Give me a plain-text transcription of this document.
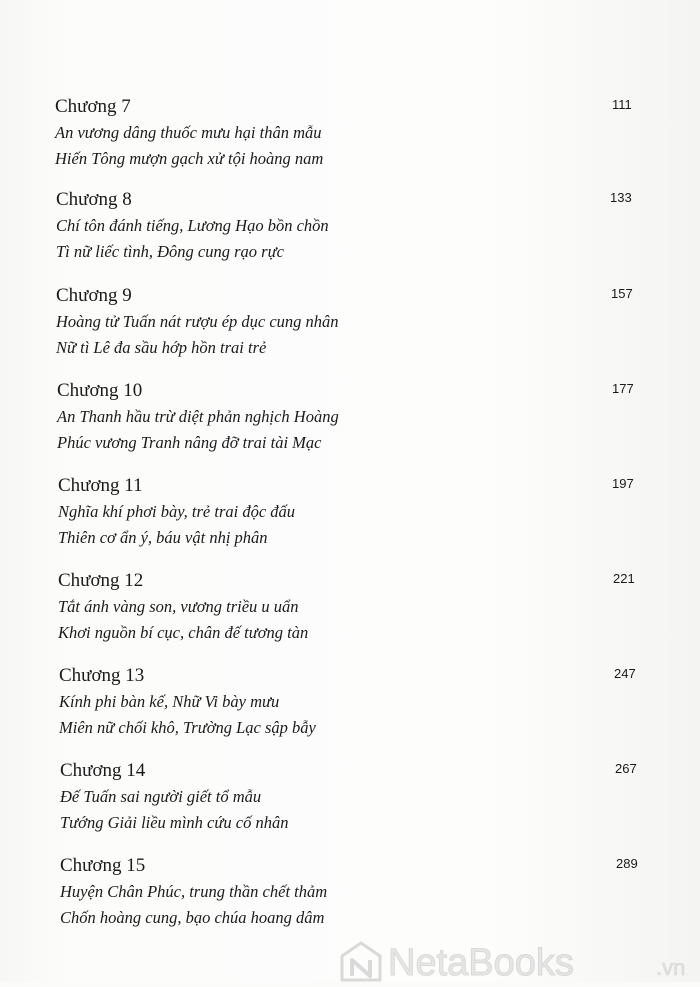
Chương 7	111
An vương dâng thuốc mưu hại thân mẫu
Hiến Tông mượn gạch xử tội hoàng nam
Chương 8	133
Chí tôn đánh tiếng, Lương Hạo bồn chồn
Tì nữ liếc tình, Đông cung rạo rực
Chương 9	157
Hoàng tử Tuấn nát rượu ép dục cung nhân
Nữ tì Lê đa sầu hớp hồn trai trẻ
Chương 10	177
An Thanh hầu trừ diệt phản nghịch Hoàng
Phúc vương Tranh nâng đỡ trai tài Mạc
Chương 11	197
Nghĩa khí phơi bày, trẻ trai độc đấu
Thiên cơ ẩn ý, báu vật nhị phân
Chương 12	221
Tắt ánh vàng son, vương triều u uẩn
Khơi nguồn bí cục, chân đế tương tàn
Chương 13	247
Kính phi bàn kế, Nhữ Vi bày mưu
Miên nữ chối khô, Trường Lạc sập bẫy
Chương 14	267
Đế Tuấn sai người giết tổ mẫu
Tướng Giải liều mình cứu cố nhân
Chương 15	289
Huyện Chân Phúc, trung thần chết thảm
Chốn hoàng cung, bạo chúa hoang dâm
NetaBooks	.vn
